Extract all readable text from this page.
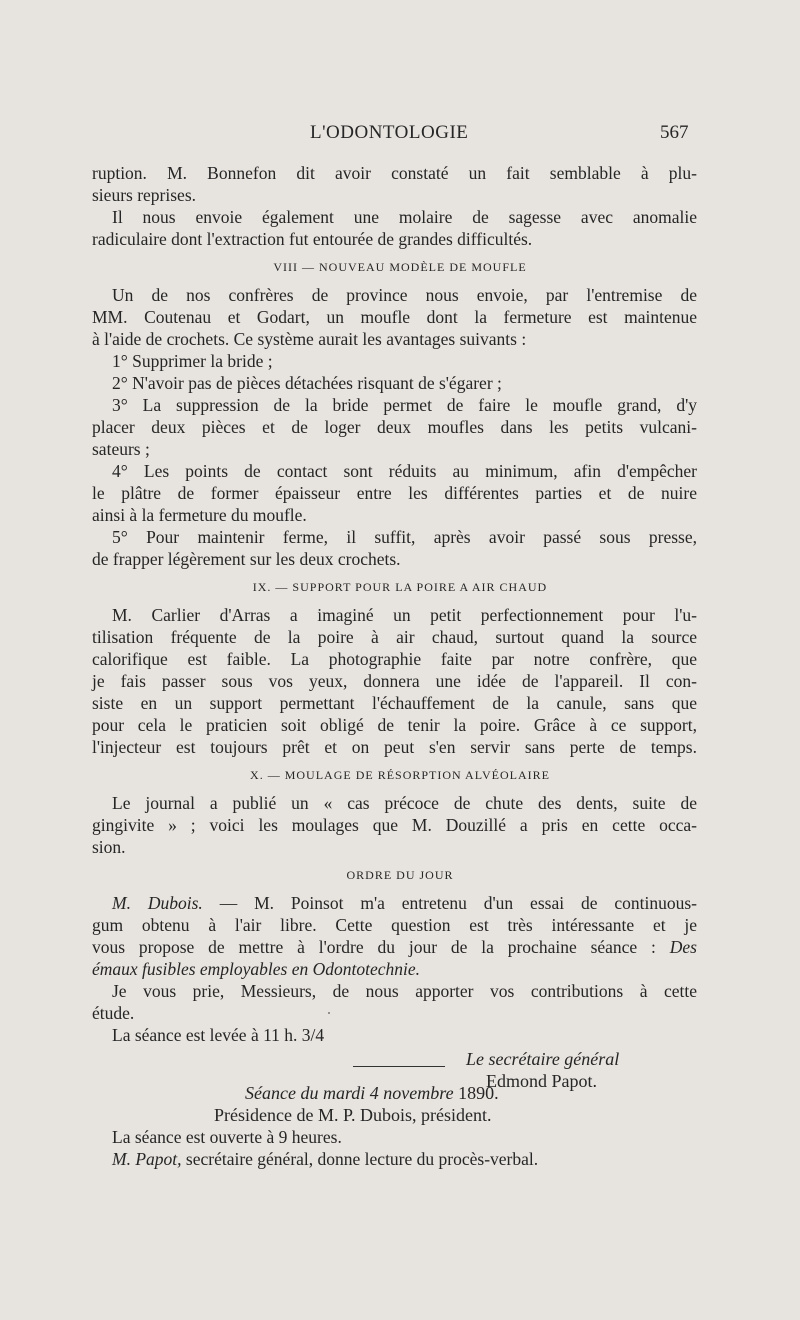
L'ODONTOLOGIE	567
ruption. M. Bonnefon dit avoir constaté un fait semblable à plu-
sieurs reprises.
Il nous envoie également une molaire de sagesse avec anomalie
radiculaire dont l'extraction fut entourée de grandes difficultés.
VIII — NOUVEAU MODÈLE DE MOUFLE
Un de nos confrères de province nous envoie, par l'entremise de
MM. Coutenau et Godart, un moufle dont la fermeture est maintenue
à l'aide de crochets. Ce système aurait les avantages suivants :
1° Supprimer la bride ;
2° N'avoir pas de pièces détachées risquant de s'égarer ;
3° La suppression de la bride permet de faire le moufle grand, d'y
placer deux pièces et de loger deux moufles dans les petits vulcani-
sateurs ;
4° Les points de contact sont réduits au minimum, afin d'empêcher
le plâtre de former épaisseur entre les différentes parties et de nuire
ainsi à la fermeture du moufle.
5° Pour maintenir ferme, il suffit, après avoir passé sous presse,
de frapper légèrement sur les deux crochets.
IX. — SUPPORT POUR LA POIRE A AIR CHAUD
M. Carlier d'Arras a imaginé un petit perfectionnement pour l'u-
tilisation fréquente de la poire à air chaud, surtout quand la source
calorifique est faible. La photographie faite par notre confrère, que
je fais passer sous vos yeux, donnera une idée de l'appareil. Il con-
siste en un support permettant l'échauffement de la canule, sans que
pour cela le praticien soit obligé de tenir la poire. Grâce à ce support,
l'injecteur est toujours prêt et on peut s'en servir sans perte de temps.
X. — MOULAGE DE RÉSORPTION ALVÉOLAIRE
Le journal a publié un « cas précoce de chute des dents, suite de
gingivite » ; voici les moulages que M. Douzillé a pris en cette occa-
sion.
ORDRE DU JOUR
M. Dubois. — M. Poinsot m'a entretenu d'un essai de continuous-
gum obtenu à l'air libre. Cette question est très intéressante et je
vous propose de mettre à l'ordre du jour de la prochaine séance : Des
émaux fusibles employables en Odontotechnie.
Je vous prie, Messieurs, de nous apporter vos contributions à cette
étude.
La séance est levée à 11 h. 3/4
Le secrétaire général
Edmond Papot.
Séance du mardi 4 novembre 1890.
Présidence de M. P. Dubois, président.
La séance est ouverte à 9 heures.
M. Papot, secrétaire général, donne lecture du procès-verbal.
